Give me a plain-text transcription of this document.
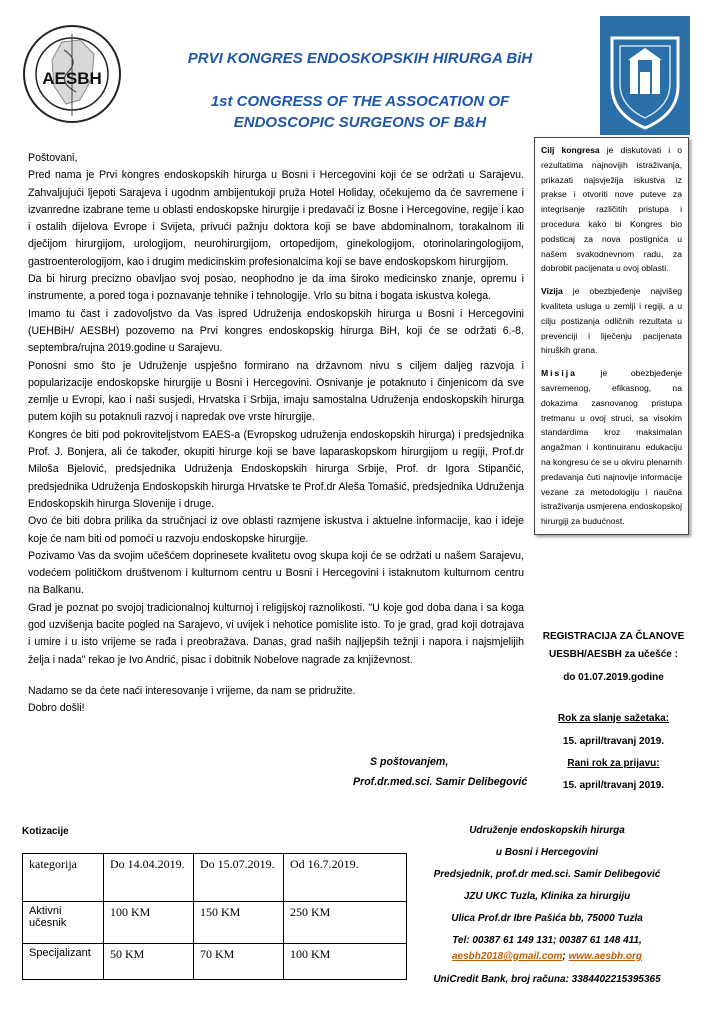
AESBH
PRVI KONGRES ENDOSKOPSKIH HIRURGA BiH
1st CONGRESS OF THE ASSOCATION OF
ENDOSCOPIC SURGEONS OF B&H

Poštovani,

Pred nama je Prvi kongres endoskopskih hirurga u Bosni i Hercegovini koji će se održati u Sarajevu. Zahvaljujući ljepoti Sarajeva i ugodnm ambijentukoji pruža Hotel Holiday, očekujemo da će savremene i izvanredne izabrane teme u oblasti endoskopske hirurgije i predavači iz Bosne i Hercegovine, regije i kao i ostalih dijelova Evrope i Svijeta, privući pažnju doktora koji se bave abdominalnom, torakalnom ili dječijom hirurgijom, urologijom, neurohirurgijom, ortopedijom, ginekologijom, otorinolaringologijom, gastroenterologijom, kao i drugim medicinskim profesionalcima koji se bave endoskopskom hirurgijom.

Da bi hirurg precizno obavljao svoj posao, neophodno je da ima široko medicinsko znanje, opremu i instrumente, a pored toga i poznavanje tehnike i tehnologije. Vrlo su bitna i bogata iskustva kolega.

Imamo tu čast i zadovoljstvo da Vas ispred Udruženja endoskopskih hirurga u Bosni i Hercegovini (UEHBiH/ AESBH) pozovemo na Prvi kongres endoskopskig hirurga BiH, koji će se održati 6.-8. septembra/rujna 2019.godine u Sarajevu.

Ponosni smo što je Udruženje uspješno formirano na državnom nivu s ciljem daljeg razvoja i popularizacije endoskopske hirurgije u Bosni i Hercegovini. Osnivanje je potaknuto i činjenicom da sve zemlje u Evropi, kao i naši susjedi, Hrvatska i Srbija, imaju samostalna Udruženja endoskopskih hirurga putem kojih su potaknuli razvoj i napredak ove vrste hirurgije.

Kongres će biti pod pokroviteljstvom EAES-a (Evropskog udruženja endoskopskih hirurga) i predsjednika Prof. J. Bonjera, ali će također, okupiti hirurge koji se bave laparaskopskom hirurgijom u regiji, Prof.dr Miloša Bjelović, predsjednika Udruženja Endoskopskih hirurga Srbije, Prof. dr Igora Stipančić, predsjednika Udruženja Endoskopskih hirurga Hrvatske te Prof.dr Aleša Tomašić, predsjednika Udruženja Endoskopskih hirurga Slovenije i druge.

Ovo će biti dobra prilika da stručnjaci iz ove oblasti razmjene iskustva i aktuelne informacije, kao i ideje koje će nam biti od pomoći u razvoju endoskopske hirurgije.

Pozivamo Vas da svojim učešćem doprinesete kvalitetu ovog skupa koji će se održati u našem Sarajevu, vodećem političkom društvenom i kulturnom centru u Bosni i Hercegovini i istaknutom kulturnom centru na Balkanu.

Grad je poznat po svojoj tradicionalnoj kulturnoj i religijskoj raznolikosti. "U koje god doba dana i sa koga god uzvišenja bacite pogled na Sarajevo, vi uvijek i nehotice pomislite isto. To je grad, grad koji dotrajava i umire i u isto vrijeme se rađa i preobražava. Danas, grad naših najljepših težnji i napora i najsmjelijih želja i nada" rekao je Ivo Andrić, pisac i dobitnik Nobelove nagrade za književnost.

Nadamo se da ćete naći interesovanje i vrijeme, da nam se pridružite.

Dobro došli!

S poštovanjem,
Prof.dr.med.sci. Samir Delibegović

Cilj kongresa je diskutovati i o rezultatima najnovijih istraživanja, prikazati najsvježija iskustva iz prakse i otvoriti nove puteve za integrisanje različitih pristupa i procedura kako bi Kongres bio podsticaj za nova postignića u našem svakodnevnom radu, za dobrobit pacijenata u ovoj oblasti.

Vizija je obezbjeđenje najvišeg kvaliteta usluga u zemlji i regiji, a u cilju postizanja odličnih rezultata u prevenciji i liječenju pacijenata hiruških grana.

Misija	je obezbjeđenje savremenog, efikasnog, na dokazima zasnovanog pristupa tretmanu u ovoj struci, sa visokim standardima kroz maksimalan angažman i kontinuiranu edukaciju na kongresu će se u okviru plenarnih predavanja čuti najnovije informacije vezane za metodologiju i naučna istraživanja usmjerena endoskopskoj hirurgiji za budućnost.

REGISTRACIJA ZA ČLANOVE
UESBH/AESBH za učešće :
do 01.07.2019.godine
Rok za slanje sažetaka:
15. april/travanj 2019.
Rani rok za prijavu:
15. april/travanj 2019.
Kotizacije
kategorija	Do 14.04.2019.	Do 15.07.2019.	Od 16.7.2019.
Aktivni učesnik	100 KM	150 KM	250 KM
Specijalizant	50 KM	70 KM	100 KM
Udruženje endoskopskih hirurga
u Bosni i Hercegovini
Predsjednik, prof.dr med.sci. Samir Delibegović
JZU UKC Tuzla, Klinika za hirurgiju
Ulica Prof.dr Ibre Pašića bb, 75000 Tuzla
Tel: 00387 61 149 131; 00387 61 148 411,
aesbh2018@gmail.com; www.aesbh.org
UniCredit Bank, broj računa: 3384402215395365
